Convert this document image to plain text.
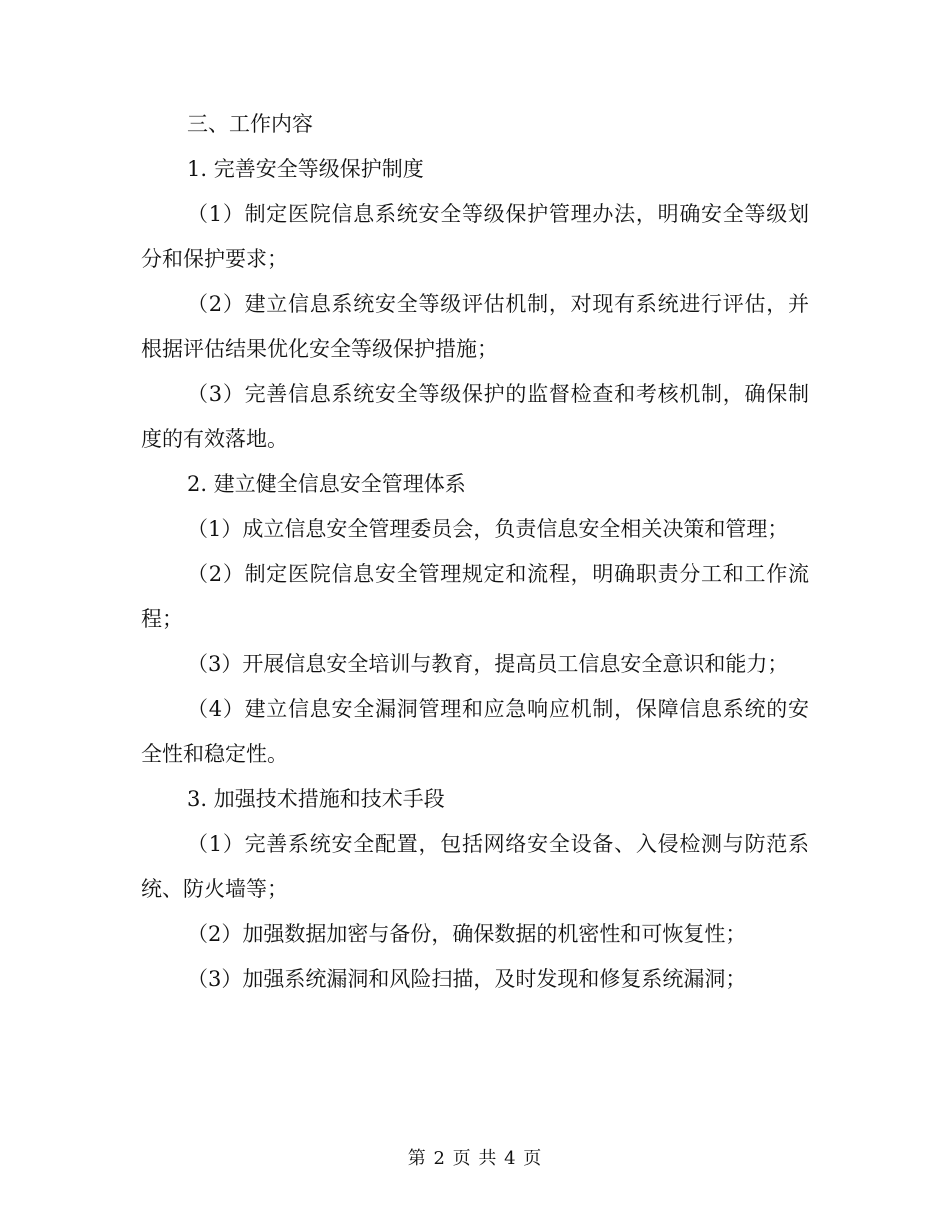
三、工作内容

1. 完善安全等级保护制度

（1）制定医院信息系统安全等级保护管理办法，明确安全等级划分和保护要求；

（2）建立信息系统安全等级评估机制，对现有系统进行评估，并根据评估结果优化安全等级保护措施；

（3）完善信息系统安全等级保护的监督检查和考核机制，确保制度的有效落地。

2. 建立健全信息安全管理体系

（1）成立信息安全管理委员会，负责信息安全相关决策和管理；

（2）制定医院信息安全管理规定和流程，明确职责分工和工作流程；

（3）开展信息安全培训与教育，提高员工信息安全意识和能力；

（4）建立信息安全漏洞管理和应急响应机制，保障信息系统的安全性和稳定性。

3. 加强技术措施和技术手段

（1）完善系统安全配置，包括网络安全设备、入侵检测与防范系统、防火墙等；

（2）加强数据加密与备份，确保数据的机密性和可恢复性；

（3）加强系统漏洞和风险扫描，及时发现和修复系统漏洞；

第 2 页 共 4 页
